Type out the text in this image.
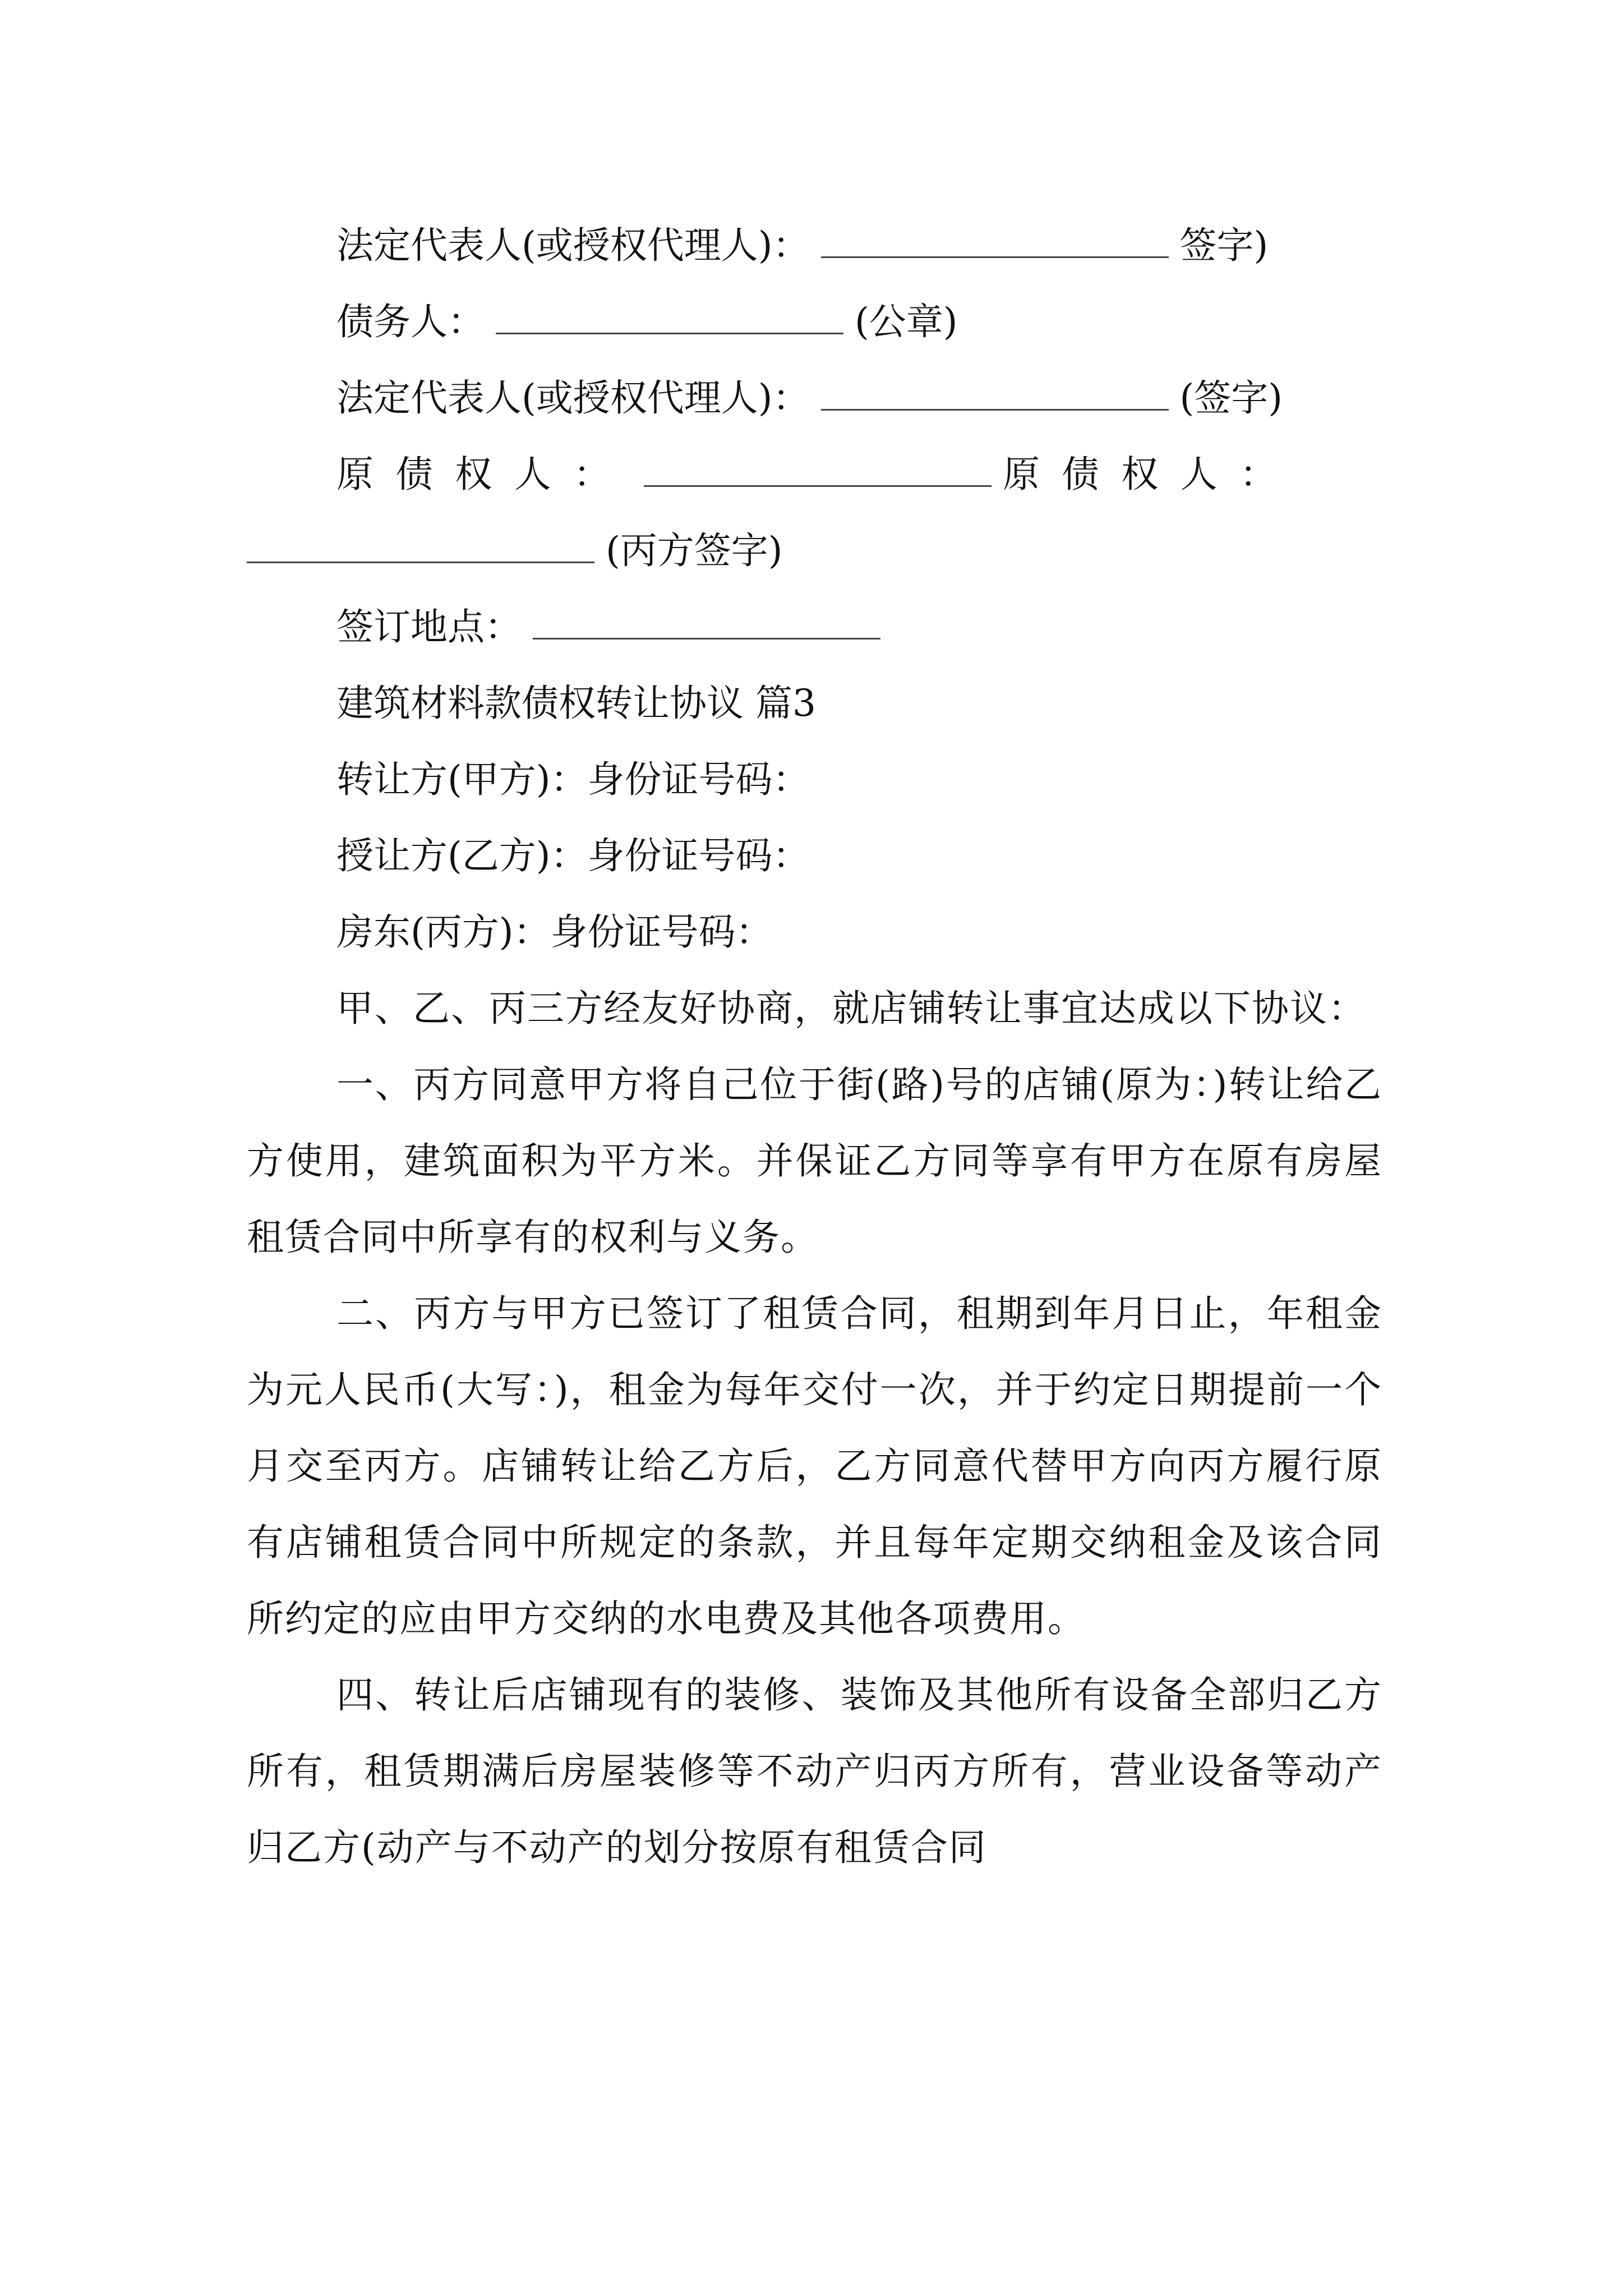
法定代表人(或授权代理人)：	签字)
债务人：	(公章)
法定代表人(或授权代理人)：	(签字)
原债权人：	原债权人：
(丙方签字)
签订地点：
建筑材料款债权转让协议 篇3
转让方(甲方)：身份证号码：
授让方(乙方)：身份证号码：
房东(丙方)：身份证号码：
甲、乙、丙三方经友好协商，就店铺转让事宜达成以下协议：
一、丙方同意甲方将自己位于街(路)号的店铺(原为：)转让给乙方使用，建筑面积为平方米。并保证乙方同等享有甲方在原有房屋租赁合同中所享有的权利与义务。
二、丙方与甲方已签订了租赁合同，租期到年月日止，年租金为元人民币(大写：)，租金为每年交付一次，并于约定日期提前一个月交至丙方。店铺转让给乙方后，乙方同意代替甲方向丙方履行原有店铺租赁合同中所规定的条款，并且每年定期交纳租金及该合同所约定的应由甲方交纳的水电费及其他各项费用。
四、转让后店铺现有的装修、装饰及其他所有设备全部归乙方所有，租赁期满后房屋装修等不动产归丙方所有，营业设备等动产归乙方(动产与不动产的划分按原有租赁合同
